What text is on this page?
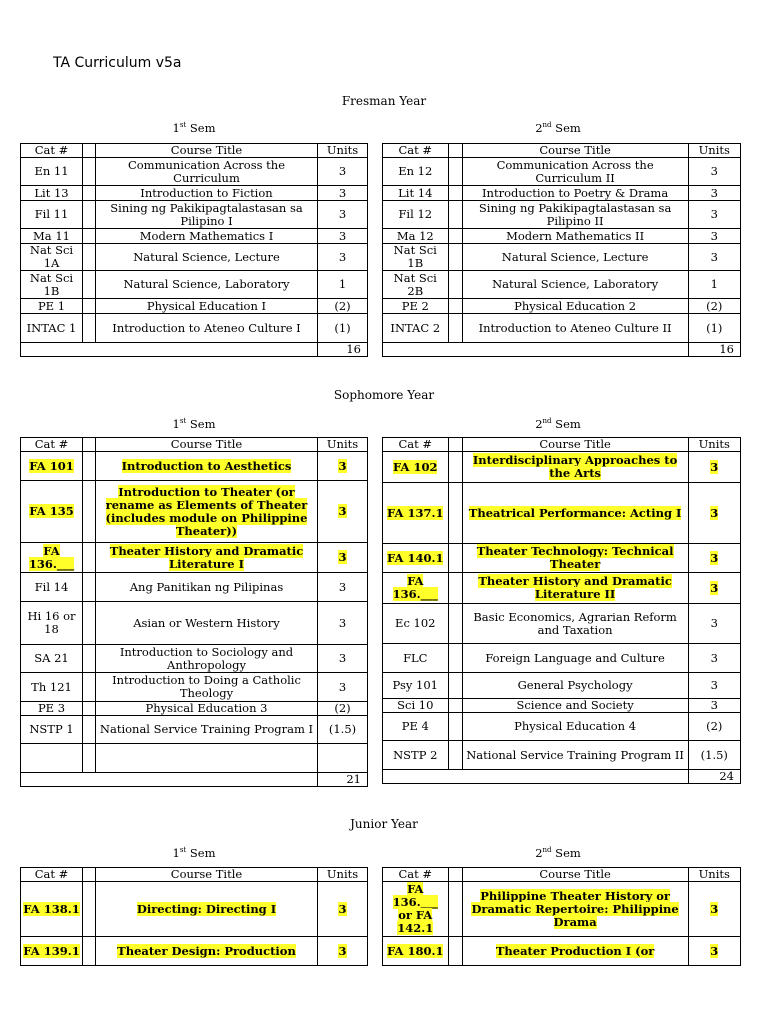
TA Curriculum v5a
Fresman Year
1st Sem
Cat #		Course Title	Units
En 11		Communication Across the Curriculum	3
Lit 13		Introduction to Fiction	3
Fil 11		Sining ng Pakikipagtalastasan sa Pilipino I	3
Ma 11		Modern Mathematics I	3
Nat Sci 1A		Natural Science, Lecture	3
Nat Sci 1B		Natural Science, Laboratory	1
PE 1		Physical Education I	(2)
INTAC 1		Introduction to Ateneo Culture I	(1)
			16
2nd Sem
Cat #		Course Title	Units
En 12		Communication Across the Curriculum II	3
Lit 14		Introduction to Poetry & Drama	3
Fil 12		Sining ng Pakikipagtalastasan sa Pilipino II	3
Ma 12		Modern Mathematics II	3
Nat Sci 1B		Natural Science, Lecture	3
Nat Sci 2B		Natural Science, Laboratory	1
PE 2		Physical Education 2	(2)
INTAC 2		Introduction to Ateneo Culture II	(1)
			16
Sophomore Year
1st Sem
Cat #		Course Title	Units
FA 101		Introduction to Aesthetics	3
FA 135		Introduction to Theater (or rename as Elements of Theater (includes module on Philippine Theater))	3
FA 136.___		Theater History and Dramatic Literature I	3
Fil 14		Ang Panitikan ng Pilipinas	3
Hi 16 or 18		Asian or Western History	3
SA 21		Introduction to Sociology and Anthropology	3
Th 121		Introduction to Doing a Catholic Theology	3
PE 3		Physical Education 3	(2)
NSTP 1		National Service Training Program I	(1.5)

			21
2nd Sem
Cat #		Course Title	Units
FA 102		Interdisciplinary Approaches to the Arts	3
FA 137.1		Theatrical Performance: Acting I	3
FA 140.1		Theater Technology: Technical Theater	3
FA 136.___		Theater History and Dramatic Literature II	3
Ec 102		Basic Economics, Agrarian Reform and Taxation	3
FLC		Foreign Language and Culture	3
Psy 101		General Psychology	3
Sci 10		Science and Society	3
PE 4		Physical Education 4	(2)
NSTP 2		National Service Training Program II	(1.5)
			24
Junior Year
1st Sem
Cat #		Course Title	Units
FA 138.1		Directing: Directing I	3
FA 139.1		Theater Design: Production	3
2nd Sem
Cat #		Course Title	Units
FA 136.___ or FA 142.1		Philippine Theater History or Dramatic Repertoire: Philippine Drama	3
FA 180.1		Theater Production I (or	3
